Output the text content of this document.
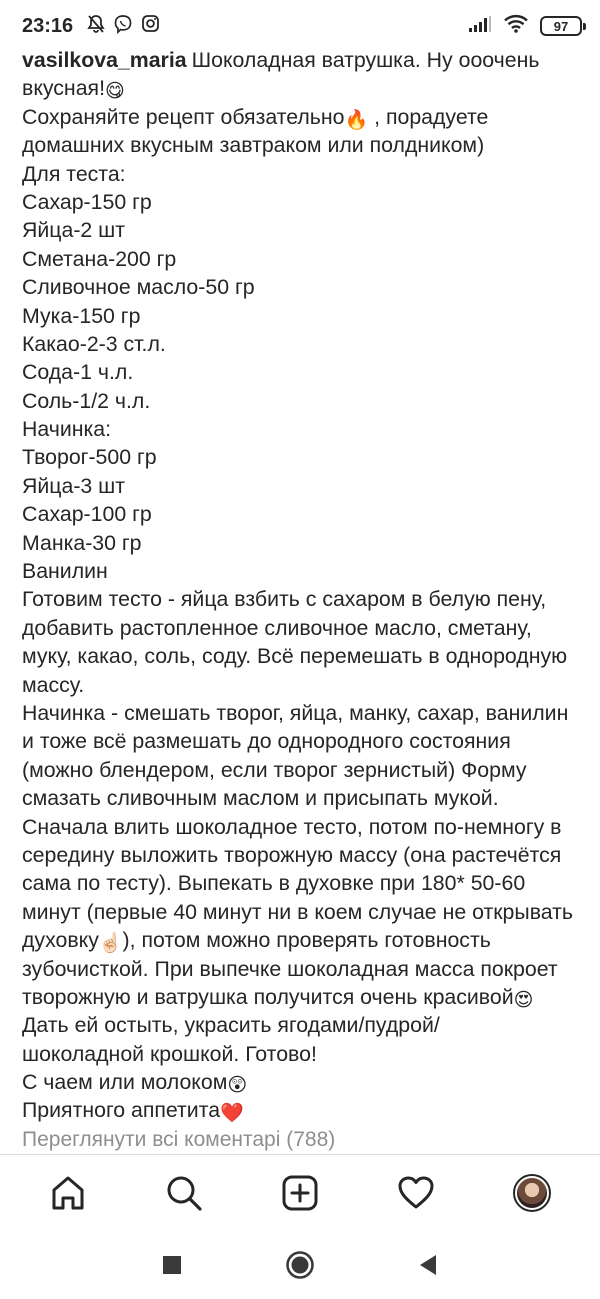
23:16	97
vasilkova_maria Шоколадная ватрушка. Ну ооочень
вкусная!😋
Сохраняйте рецепт обязательно🔥 , порадуете
домашних вкусным завтраком или полдником)
Для теста:
Сахар-150 гр
Яйца-2 шт
Сметана-200 гр
Сливочное масло-50 гр
Мука-150 гр
Какао-2-3 ст.л.
Сода-1 ч.л.
Соль-1/2 ч.л.
Начинка:
Творог-500 гр
Яйца-3 шт
Сахар-100 гр
Манка-30 гр
Ванилин
Готовим тесто - яйца взбить с сахаром в белую пену,
добавить растопленное сливочное масло, сметану,
муку, какао, соль, соду. Всё перемешать в однородную
массу.
Начинка - смешать творог, яйца, манку, сахар, ванилин
и тоже всё размешать до однородного состояния
(можно блендером, если творог зернистый) Форму
смазать сливочным маслом и присыпать мукой.
Сначала влить шоколадное тесто, потом по-немногу в
середину выложить творожную массу (она растечётся
сама по тесту). Выпекать в духовке при 180* 50-60
минут (первые 40 минут ни в коем случае не открывать
духовку☝🏻), потом можно проверять готовность
зубочисткой. При выпечке шоколадная масса покроет
творожную и ватрушка получится очень красивой😍
Дать ей остыть, украсить ягодами/пудрой/
шоколадной крошкой. Готово!
С чаем или молоком😲
Приятного аппетита❤️
Переглянути всі коментарі (788)
